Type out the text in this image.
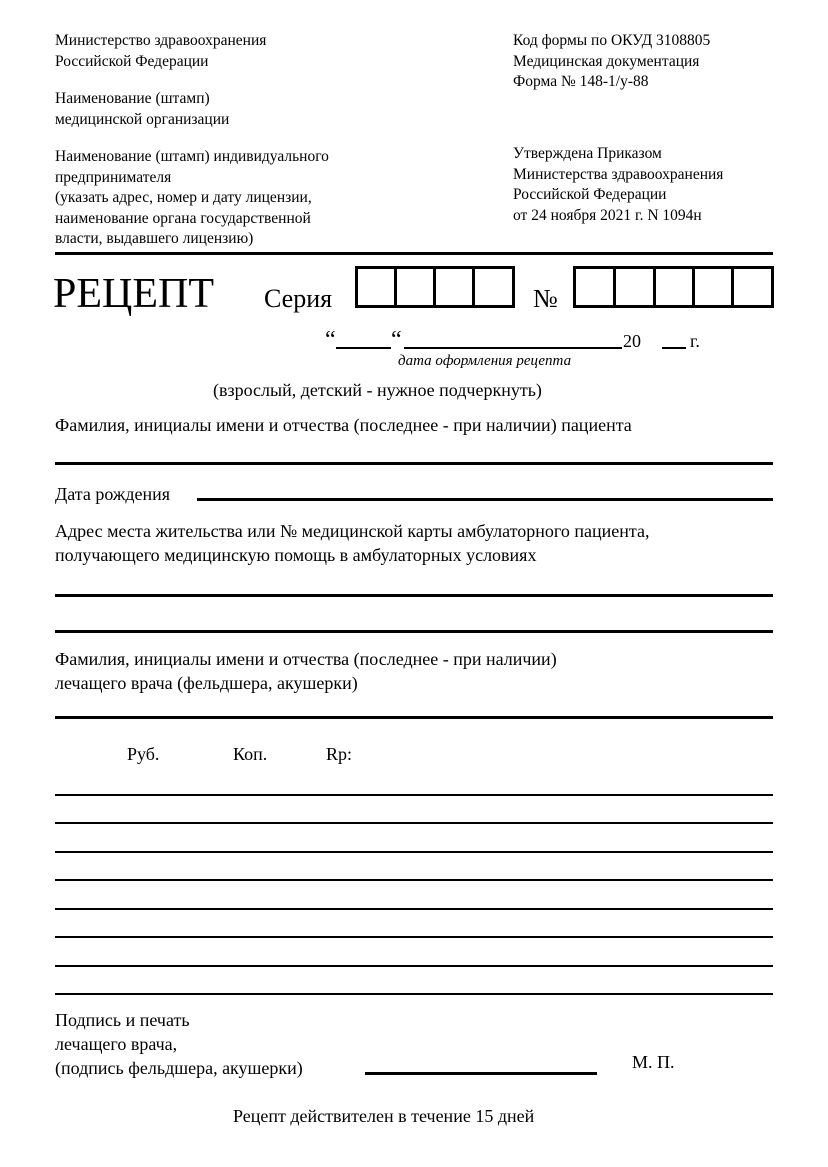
Министерство здравоохранения
Российской Федерации
Наименование (штамп)
медицинской организации
Наименование (штамп) индивидуального
предпринимателя
(указать адрес, номер и дату лицензии,
наименование органа государственной
власти, выдавшего лицензию)
Код формы по ОКУД 3108805
Медицинская документация
Форма № 148-1/у-88
Утверждена Приказом
Министерства здравоохранения
Российской Федерации
от 24 ноября 2021 г. N 1094н
РЕЦЕПТ Серия	№
“ “	20	г.
дата оформления рецепта
(взрослый, детский - нужное подчеркнуть)
Фамилия, инициалы имени и отчества (последнее - при наличии) пациента
Дата рождения
Адрес места жительства или № медицинской карты амбулаторного пациента,
получающего медицинскую помощь в амбулаторных условиях
Фамилия, инициалы имени и отчества (последнее - при наличии)
лечащего врача (фельдшера, акушерки)
Руб.	Коп.	Rp:
Подпись и печать
лечащего врача,
(подпись фельдшера, акушерки)	М. П.
Рецепт действителен в течение 15 дней
